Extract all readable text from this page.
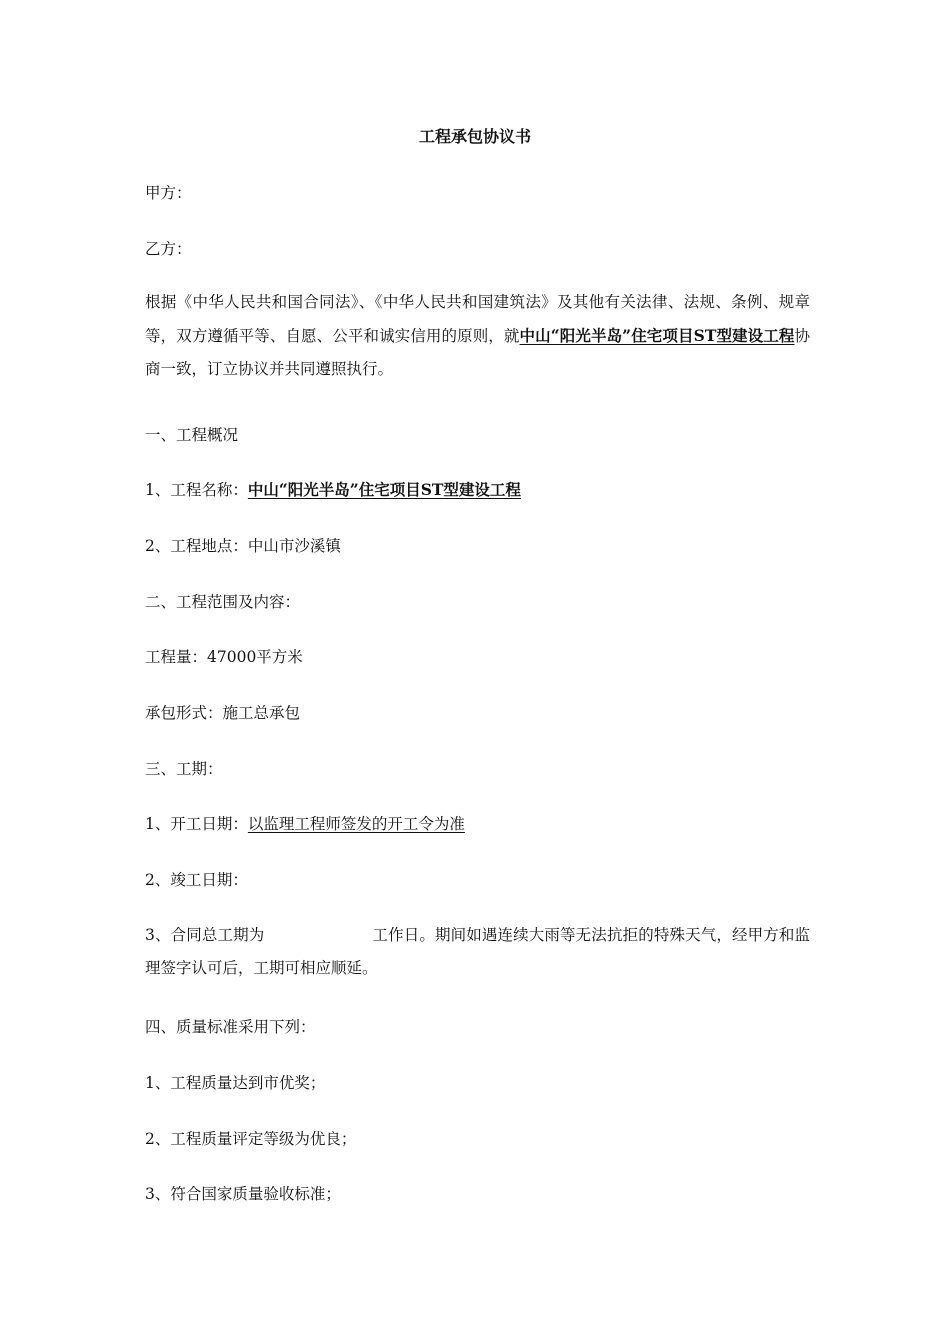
工程承包协议书
甲方：
乙方：
根据《中华人民共和国合同法》、《中华人民共和国建筑法》及其他有关法律、法规、条例、规章等，双方遵循平等、自愿、公平和诚实信用的原则，就中山“阳光半岛”住宅项目ST型建设工程协商一致，订立协议并共同遵照执行。
一、工程概况
1、工程名称：中山“阳光半岛”住宅项目ST型建设工程
2、工程地点：中山市沙溪镇
二、工程范围及内容：
工程量：47000平方米
承包形式：施工总承包
三、工期：
1、开工日期：以监理工程师签发的开工令为准
2、竣工日期：
3、合同总工期为	工作日。期间如遇连续大雨等无法抗拒的特殊天气，经甲方和监理签字认可后，工期可相应顺延。
四、质量标准采用下列：
1、工程质量达到市优奖；
2、工程质量评定等级为优良；
3、符合国家质量验收标准；
